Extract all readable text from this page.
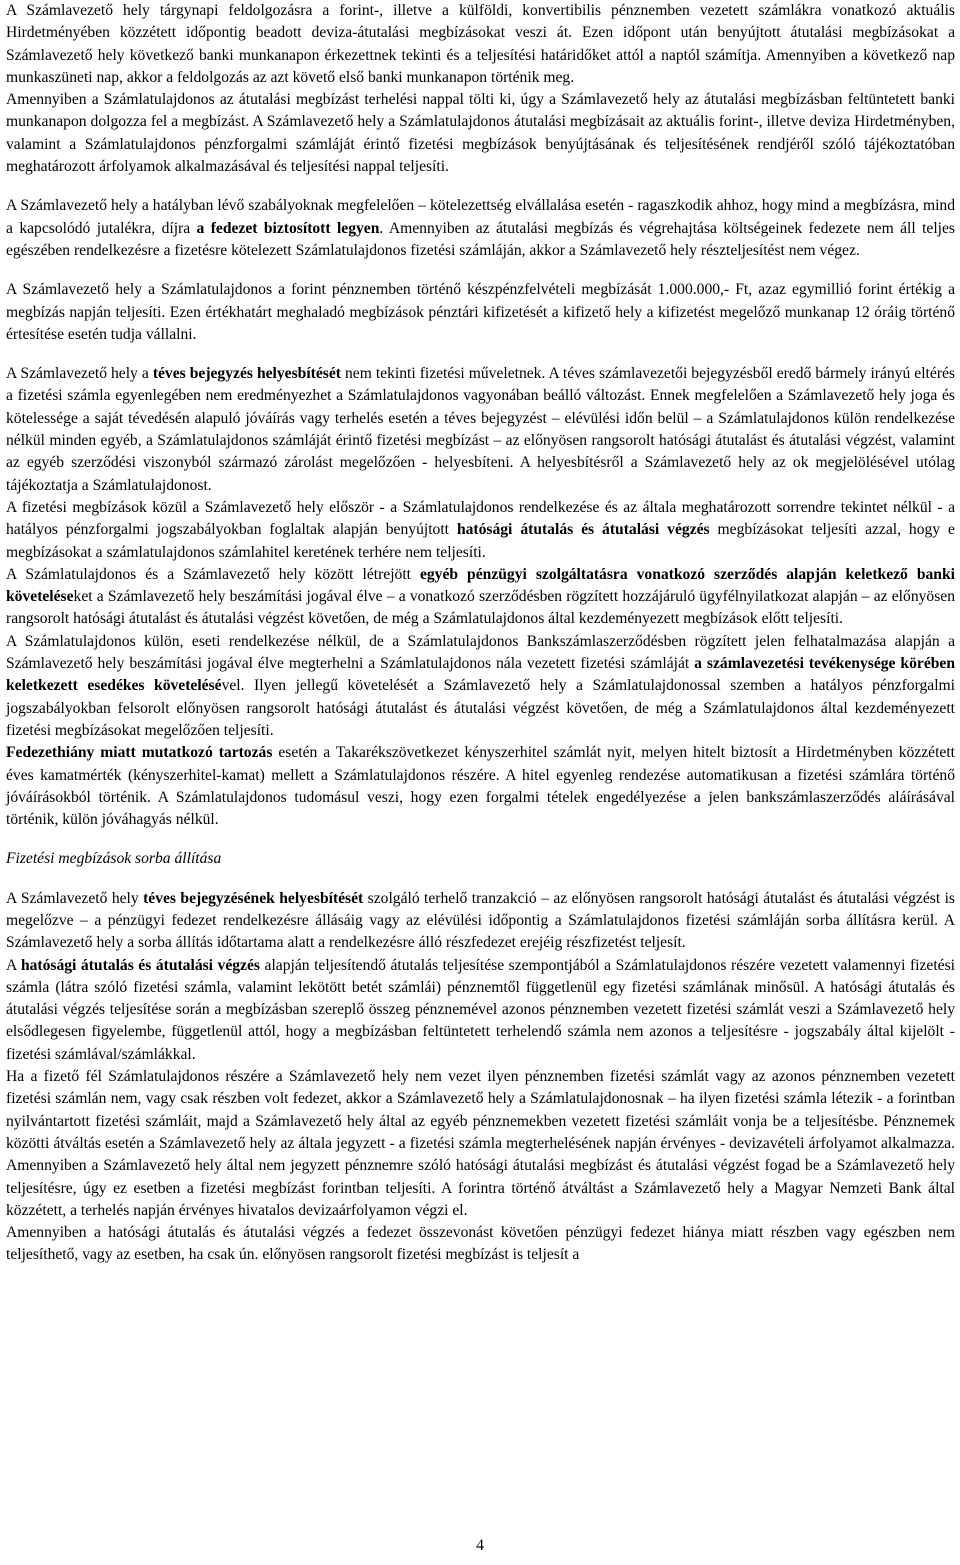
A Számlavezető hely tárgynapi feldolgozásra a forint-, illetve a külföldi, konvertibilis pénznemben vezetett számlákra vonatkozó aktuális Hirdetményében közzétett időpontig beadott deviza-átutalási megbízásokat veszi át. Ezen időpont után benyújtott átutalási megbízásokat a Számlavezető hely következő banki munkanapon érkezettnek tekinti és a teljesítési határidőket attól a naptól számítja. Amennyiben a következő nap munkaszüneti nap, akkor a feldolgozás az azt követő első banki munkanapon történik meg.

Amennyiben a Számlatulajdonos az átutalási megbízást terhelési nappal tölti ki, úgy a Számlavezető hely az átutalási megbízásban feltüntetett banki munkanapon dolgozza fel a megbízást. A Számlavezető hely a Számlatulajdonos átutalási megbízásait az aktuális forint-, illetve deviza Hirdetményben, valamint a Számlatulajdonos pénzforgalmi számláját érintő fizetési megbízások benyújtásának és teljesítésének rendjéről szóló tájékoztatóban meghatározott árfolyamok alkalmazásával és teljesítési nappal teljesíti.

A Számlavezető hely a hatályban lévő szabályoknak megfelelően – kötelezettség elvállalása esetén - ragaszkodik ahhoz, hogy mind a megbízásra, mind a kapcsolódó jutalékra, díjra a fedezet biztosított legyen. Amennyiben az átutalási megbízás és végrehajtása költségeinek fedezete nem áll teljes egészében rendelkezésre a fizetésre kötelezett Számlatulajdonos fizetési számláján, akkor a Számlavezető hely részteljesítést nem végez.

A Számlavezető hely a Számlatulajdonos a forint pénznemben történő készpénzfelvételi megbízását 1.000.000,- Ft, azaz egymillió forint értékig a megbízás napján teljesíti. Ezen értékhatárt meghaladó megbízások pénztári kifizetését a kifizető hely a kifizetést megelőző munkanap 12 óráig történő értesítése esetén tudja vállalni.

A Számlavezető hely a téves bejegyzés helyesbítését nem tekinti fizetési műveletnek. A téves számlavezetői bejegyzésből eredő bármely irányú eltérés a fizetési számla egyenlegében nem eredményezhet a Számlatulajdonos vagyonában beálló változást. Ennek megfelelően a Számlavezető hely joga és kötelessége a saját tévedésén alapuló jóváírás vagy terhelés esetén a téves bejegyzést – elévülési időn belül – a Számlatulajdonos külön rendelkezése nélkül minden egyéb, a Számlatulajdonos számláját érintő fizetési megbízást – az előnyösen rangsorolt hatósági átutalást és átutalási végzést, valamint az egyéb szerződési viszonyból származó zárolást megelőzően - helyesbíteni. A helyesbítésről a Számlavezető hely az ok megjelölésével utólag tájékoztatja a Számlatulajdonost.

A fizetési megbízások közül a Számlavezető hely először - a Számlatulajdonos rendelkezése és az általa meghatározott sorrendre tekintet nélkül - a hatályos pénzforgalmi jogszabályokban foglaltak alapján benyújtott hatósági átutalás és átutalási végzés megbízásokat teljesíti azzal, hogy e megbízásokat a számlatulajdonos számlahitel keretének terhére nem teljesíti.

A Számlatulajdonos és a Számlavezető hely között létrejött egyéb pénzügyi szolgáltatásra vonatkozó szerződés alapján keletkező banki követeléseket a Számlavezető hely beszámítási jogával élve – a vonatkozó szerződésben rögzített hozzájáruló ügyfélnyilatkozat alapján – az előnyösen rangsorolt hatósági átutalást és átutalási végzést követően, de még a Számlatulajdonos által kezdeményezett megbízások előtt teljesíti.

A Számlatulajdonos külön, eseti rendelkezése nélkül, de a Számlatulajdonos Bankszámlaszerződésben rögzített jelen felhatalmazása alapján a Számlavezető hely beszámítási jogával élve megterhelni a Számlatulajdonos nála vezetett fizetési számláját a számlavezetési tevékenysége körében keletkezett esedékes követelésével. Ilyen jellegű követelését a Számlavezető hely a Számlatulajdonossal szemben a hatályos pénzforgalmi jogszabályokban felsorolt előnyösen rangsorolt hatósági átutalást és átutalási végzést követően, de még a Számlatulajdonos által kezdeményezett fizetési megbízásokat megelőzően teljesíti.

Fedezethiány miatt mutatkozó tartozás esetén a Takarékszövetkezet kényszerhitel számlát nyit, melyen hitelt biztosít a Hirdetményben közzétett éves kamatmérték (kényszerhitel-kamat) mellett a Számlatulajdonos részére. A hitel egyenleg rendezése automatikusan a fizetési számlára történő jóváírásokból történik. A Számlatulajdonos tudomásul veszi, hogy ezen forgalmi tételek engedélyezése a jelen bankszámlaszerződés aláírásával történik, külön jóváhagyás nélkül.

Fizetési megbízások sorba állítása

A Számlavezető hely téves bejegyzésének helyesbítését szolgáló terhelő tranzakció – az előnyösen rangsorolt hatósági átutalást és átutalási végzést is megelőzve – a pénzügyi fedezet rendelkezésre állásáig vagy az elévülési időpontig a Számlatulajdonos fizetési számláján sorba állításra kerül. A Számlavezető hely a sorba állítás időtartama alatt a rendelkezésre álló részfedezet erejéig részfizetést teljesít.

A hatósági átutalás és átutalási végzés alapján teljesítendő átutalás teljesítése szempontjából a Számlatulajdonos részére vezetett valamennyi fizetési számla (látra szóló fizetési számla, valamint lekötött betét számlái) pénznemtől függetlenül egy fizetési számlának minősül. A hatósági átutalás és átutalási végzés teljesítése során a megbízásban szereplő összeg pénznemével azonos pénznemben vezetett fizetési számlát veszi a Számlavezető hely elsődlegesen figyelembe, függetlenül attól, hogy a megbízásban feltüntetett terhelendő számla nem azonos a teljesítésre - jogszabály által kijelölt - fizetési számlával/számlákkal.

Ha a fizető fél Számlatulajdonos részére a Számlavezető hely nem vezet ilyen pénznemben fizetési számlát vagy az azonos pénznemben vezetett fizetési számlán nem, vagy csak részben volt fedezet, akkor a Számlavezető hely a Számlatulajdonosnak – ha ilyen fizetési számla létezik - a forintban nyilvántartott fizetési számláit, majd a Számlavezető hely által az egyéb pénznemekben vezetett fizetési számláit vonja be a teljesítésbe. Pénznemek közötti átváltás esetén a Számlavezető hely az általa jegyzett - a fizetési számla megterhelésének napján érvényes - devizavételi árfolyamot alkalmazza. Amennyiben a Számlavezető hely által nem jegyzett pénznemre szóló hatósági átutalási megbízást és átutalási végzést fogad be a Számlavezető hely teljesítésre, úgy ez esetben a fizetési megbízást forintban teljesíti. A forintra történő átváltást a Számlavezető hely a Magyar Nemzeti Bank által közzétett, a terhelés napján érvényes hivatalos devizaárfolyamon végzi el.

Amennyiben a hatósági átutalás és átutalási végzés a fedezet összevonást követően pénzügyi fedezet hiánya miatt részben vagy egészben nem teljesíthető, vagy az esetben, ha csak ún. előnyösen rangsorolt fizetési megbízást is teljesít a

4
